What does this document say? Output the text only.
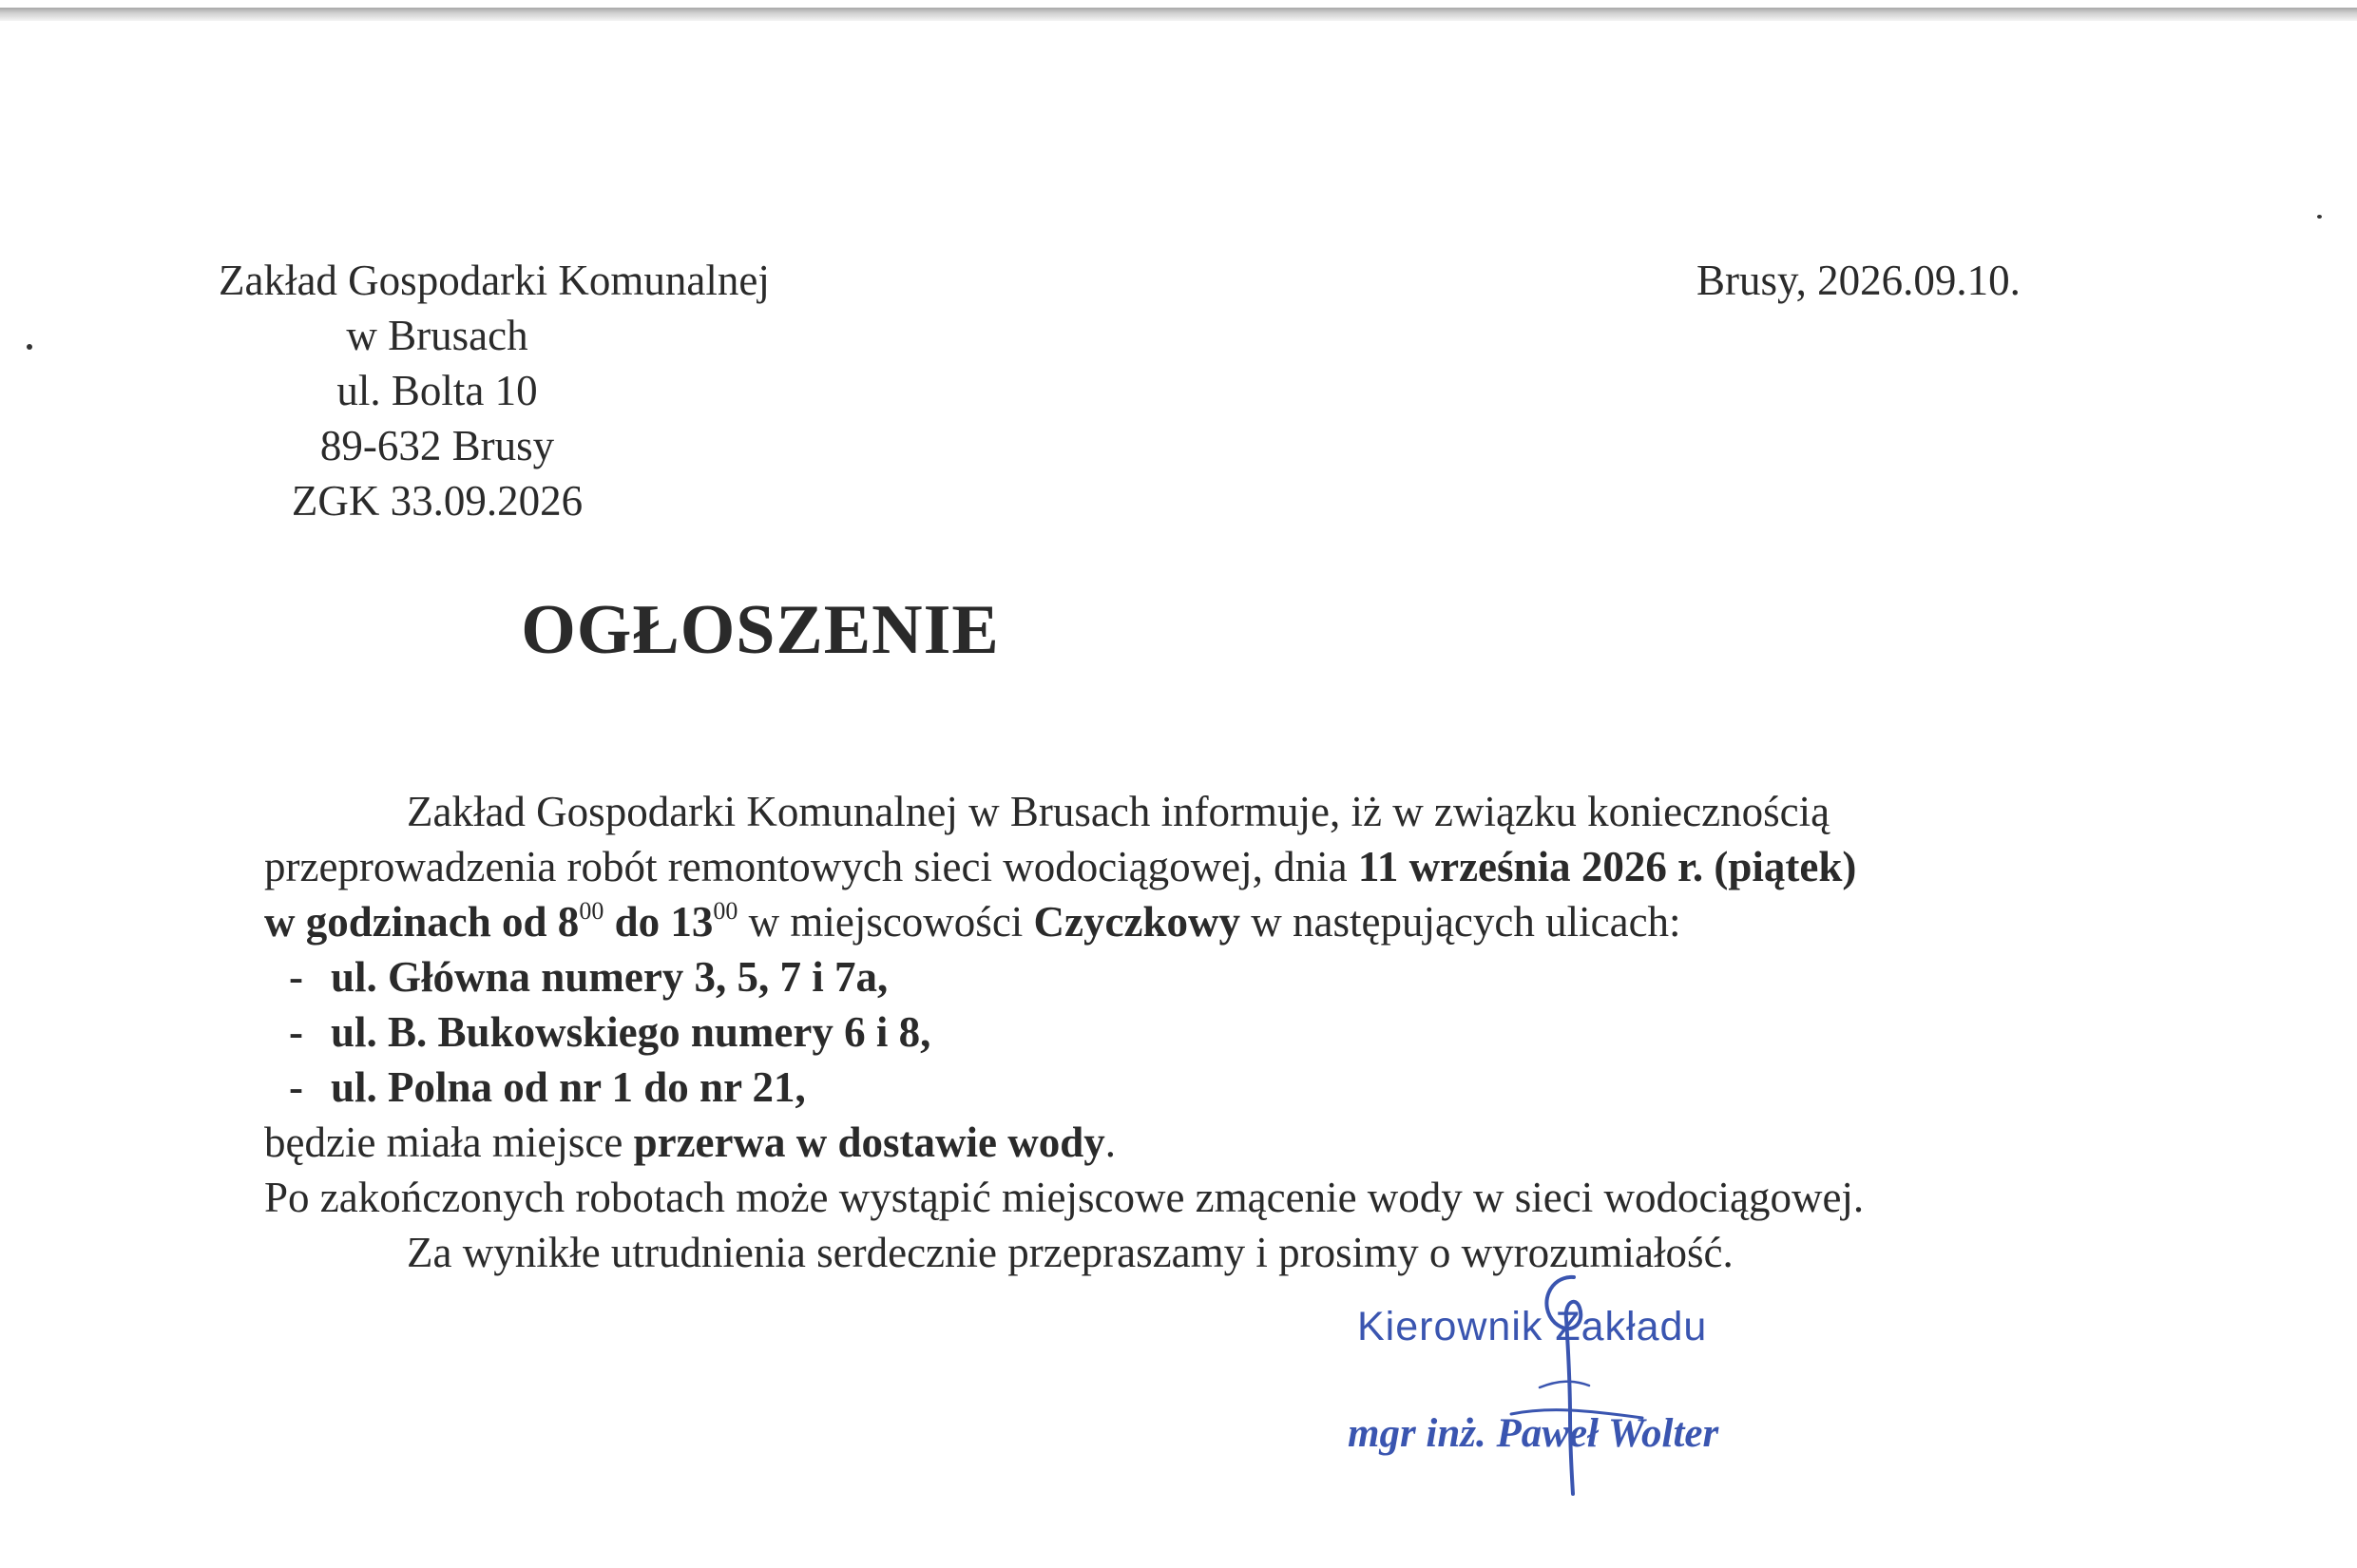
Zakład Gospodarki Komunalnej
w Brusach
ul. Bolta 10
89-632 Brusy
ZGK 33.09.2026
Brusy, 2026.09.10.
OGŁOSZENIE
Zakład Gospodarki Komunalnej w Brusach informuje, iż w związku koniecznością
przeprowadzenia robót remontowych sieci wodociągowej, dnia 11 września 2026 r. (piątek)
w godzinach od $8^{00}$ do $13^{00}$ w miejscowości Czyczkowy w następujących ulicach:
- ul. Główna numery 3, 5, 7 i 7a,
- ul. B. Bukowskiego numery 6 i 8,
- ul. Polna od nr 1 do nr 21,
będzie miała miejsce przerwa w dostawie wody.
Po zakończonych robotach może wystąpić miejscowe zmącenie wody w sieci wodociągowej.
Za wynikłe utrudnienia serdecznie przepraszamy i prosimy o wyrozumiałość.
Kierownik Zakładu
mgr inż. Paweł Wolter
